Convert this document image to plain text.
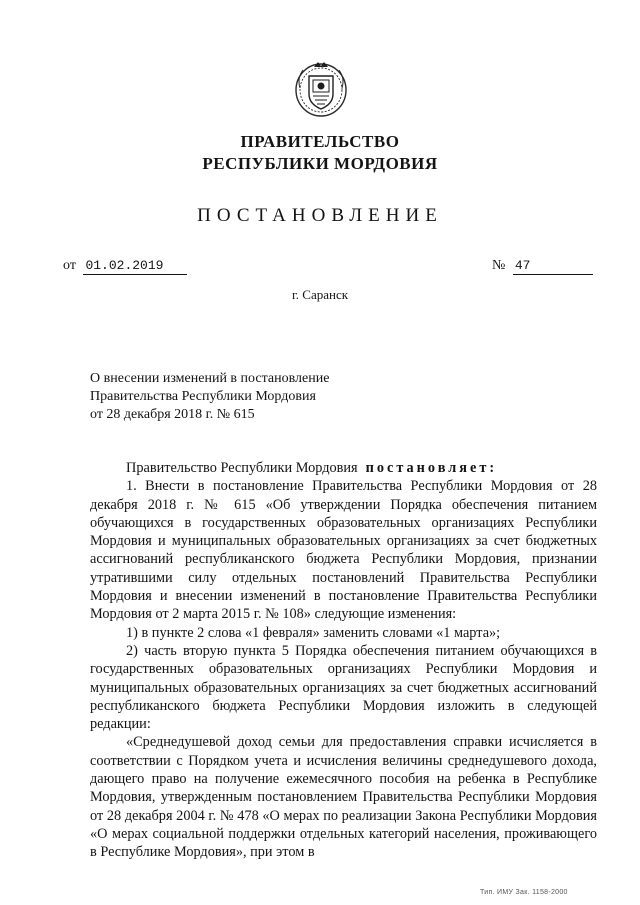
ПРАВИТЕЛЬСТВО
РЕСПУБЛИКИ МОРДОВИЯ
ПОСТАНОВЛЕНИЕ
от 01.02.2019	№ 47
г. Саранск
О внесении изменений в постановление
Правительства Республики Мордовия
от 28 декабря 2018 г. № 615

Правительство Республики Мордовия постановляет:

1. Внести в постановление Правительства Республики Мордовия от 28 декабря 2018 г. № 615 «Об утверждении Порядка обеспечения питанием обучающихся в государственных образовательных организациях Республики Мордовия и муниципальных образовательных организациях за счет бюджетных ассигнований республиканского бюджета Республики Мордовия, признании утратившими силу отдельных постановлений Правительства Республики Мордовия и внесении изменений в постановление Правительства Республики Мордовия от 2 марта 2015 г. № 108» следующие изменения:

1) в пункте 2 слова «1 февраля» заменить словами «1 марта»;

2) часть вторую пункта 5 Порядка обеспечения питанием обучающихся в государственных образовательных организациях Республики Мордовия и муниципальных образовательных организациях за счет бюджетных ассигнований республиканского бюджета Республики Мордовия изложить в следующей редакции:

«Среднедушевой доход семьи для предоставления справки исчисляется в соответствии с Порядком учета и исчисления величины среднедушевого дохода, дающего право на получение ежемесячного пособия на ребенка в Республике Мордовия, утвержденным постановлением Правительства Республики Мордовия от 28 декабря 2004 г. № 478 «О мерах по реализации Закона Республики Мордовия «О мерах социальной поддержки отдельных категорий населения, проживающего в Республике Мордовия», при этом в

Тип. ИМУ Зак. 1158-2000
